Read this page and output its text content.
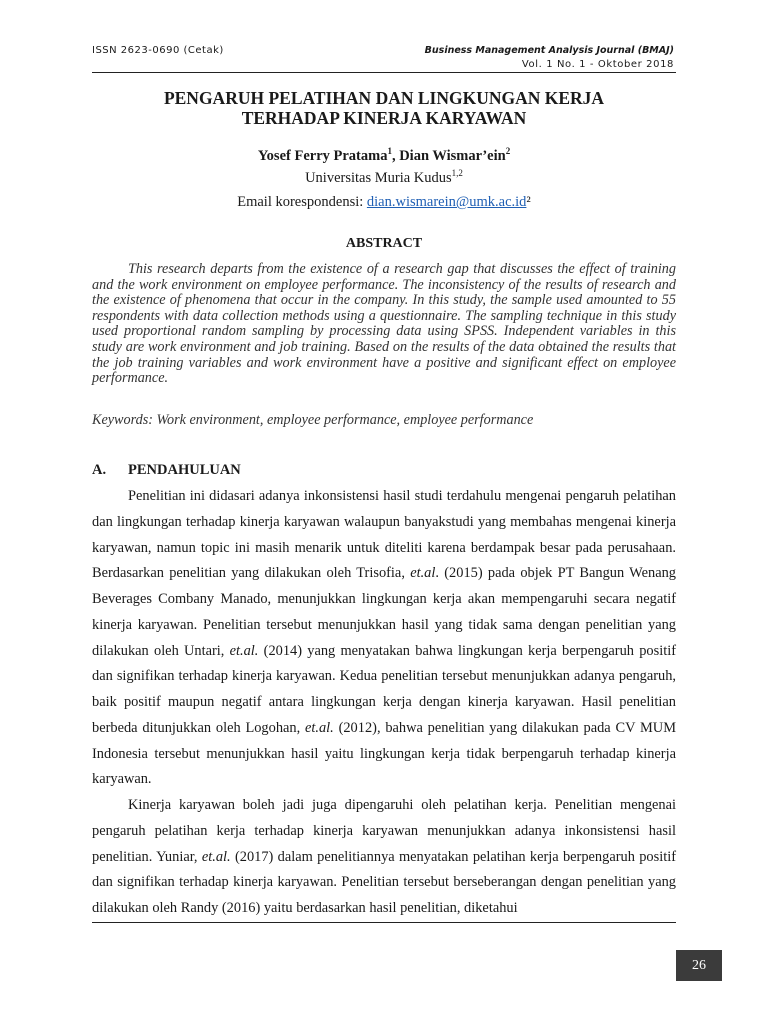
ISSN 2623-0690 (Cetak)	Business Management Analysis Journal (BMAJ)
Vol. 1 No. 1 - Oktober 2018
PENGARUH PELATIHAN DAN LINGKUNGAN KERJA
TERHADAP KINERJA KARYAWAN
Yosef Ferry Pratama$^1$, Dian Wismar’ein$^2$
Universitas Muria Kudus$^{1,2}$
Email korespondensi: dian.wismarein@umk.ac.id²
ABSTRACT
This research departs from the existence of a research gap that discusses the effect of training and the work environment on employee performance. The inconsistency of the results of research and the existence of phenomena that occur in the company. In this study, the sample used amounted to 55 respondents with data collection methods using a questionnaire. The sampling technique in this study used proportional random sampling by processing data using SPSS. Independent variables in this study are work environment and job training. Based on the results of the data obtained the results that the job training variables and work environment have a positive and significant effect on employee performance.
Keywords: Work environment, employee performance, employee performance
A. PENDAHULUAN

Penelitian ini didasari adanya inkonsistensi hasil studi terdahulu mengenai pengaruh pelatihan dan lingkungan terhadap kinerja karyawan walaupun banyakstudi yang membahas mengenai kinerja karyawan, namun topic ini masih menarik untuk diteliti karena berdampak besar pada perusahaan. Berdasarkan penelitian yang dilakukan oleh Trisofia, et.al. (2015) pada objek PT Bangun Wenang Beverages Combany Manado, menunjukkan lingkungan kerja akan mempengaruhi secara negatif kinerja karyawan. Penelitian tersebut menunjukkan hasil yang tidak sama dengan penelitian yang dilakukan oleh Untari, et.al. (2014) yang menyatakan bahwa lingkungan kerja berpengaruh positif dan signifikan terhadap kinerja karyawan. Kedua penelitian tersebut menunjukkan adanya pengaruh, baik positif maupun negatif antara lingkungan kerja dengan kinerja karyawan. Hasil penelitian berbeda ditunjukkan oleh Logohan, et.al. (2012), bahwa penelitian yang dilakukan pada CV MUM Indonesia tersebut menunjukkan hasil yaitu lingkungan kerja tidak berpengaruh terhadap kinerja karyawan.

Kinerja karyawan boleh jadi juga dipengaruhi oleh pelatihan kerja. Penelitian mengenai pengaruh pelatihan kerja terhadap kinerja karyawan menunjukkan adanya inkonsistensi hasil penelitian. Yuniar, et.al. (2017) dalam penelitiannya menyatakan pelatihan kerja berpengaruh positif dan signifikan terhadap kinerja karyawan. Penelitian tersebut berseberangan dengan penelitian yang dilakukan oleh Randy (2016) yaitu berdasarkan hasil penelitian, diketahui

26
